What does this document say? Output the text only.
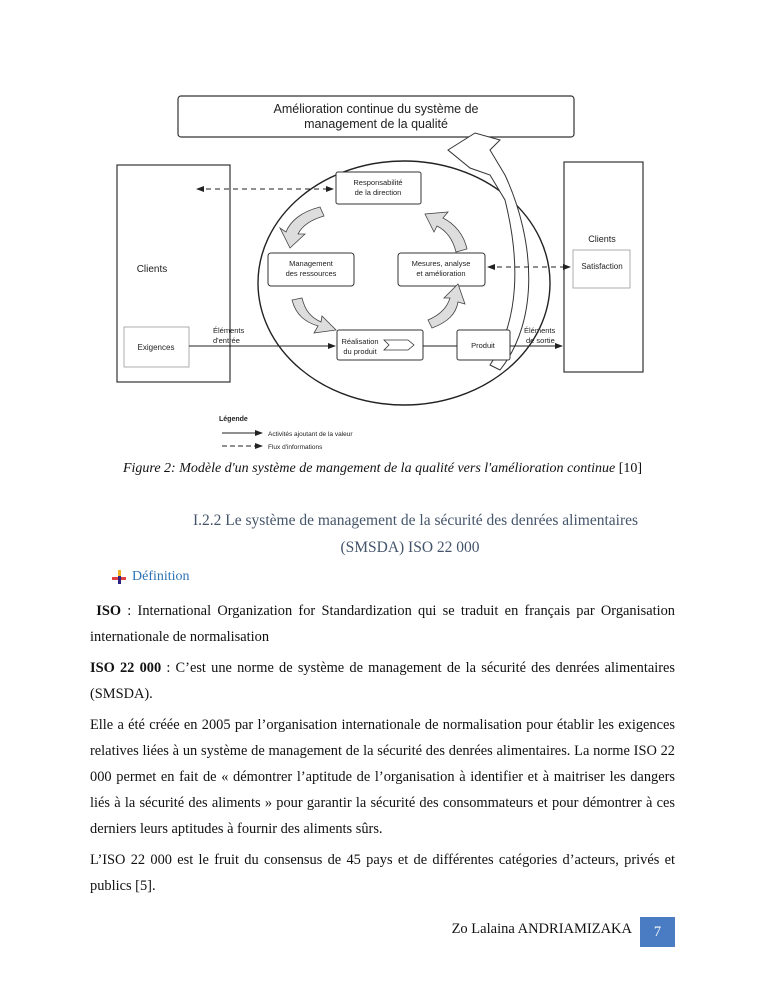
Amélioration continue du système de
management de la qualité
Clients
Exigences
Clients
Satisfaction
Responsabilité
de la direction
Management
des ressources
Mesures, analyse
et amélioration
Réalisation
du produit
Produit
Éléments
d'entrée
Éléments
de sortie
Légende
Activités ajoutant de la valeur
Flux d'informations
Figure 2: Modèle d'un système de mangement de la qualité vers l'amélioration continue [10]
I.2.2 Le système de management de la sécurité des denrées alimentaires
(SMSDA) ISO 22 000
Définition

ISO : International Organization for Standardization qui se traduit en français par Organisation internationale de normalisation

ISO 22 000 : C’est une norme de système de management de la sécurité des denrées alimentaires (SMSDA).

Elle a été créée en 2005 par l’organisation internationale de normalisation pour établir les exigences relatives liées à un système de management de la sécurité des denrées alimentaires. La norme ISO 22 000 permet en fait de « démontrer l’aptitude de l’organisation à identifier et à maitriser les dangers liés à la sécurité des aliments » pour garantir la sécurité des consommateurs et pour démontrer à ces derniers leurs aptitudes à fournir des aliments sûrs.

L’ISO 22 000 est le fruit du consensus de 45 pays et de différentes catégories d’acteurs, privés et publics [5].

Zo Lalaina ANDRIAMIZAKA	7
